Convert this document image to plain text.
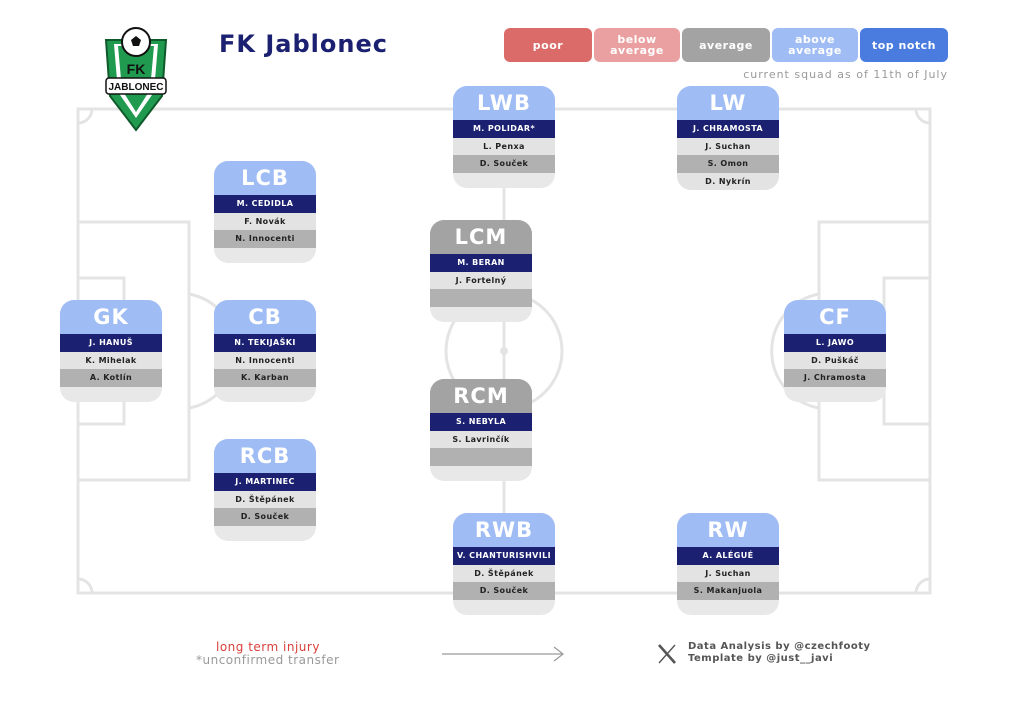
FK
JABLONEC
FK Jablonec	poor	below average	average	above average	top notch
current squad as of 11th of July
GK
J. HANUŠ
K. Mihelak
A. Kotlín
LCB
M. CEDIDLA
F. Novák
N. Innocenti
CB
N. TEKIJAŠKI
N. Innocenti
K. Karban
RCB
J. MARTINEC
D. Štěpánek
D. Souček
LWB
M. POLIDAR*
L. Penxa
D. Souček
LCM
M. BERAN
J. Fortelný
RCM
S. NEBYLA
S. Lavrinčík
RWB
V. CHANTURISHVILI
D. Štěpánek
D. Souček
LW
J. CHRAMOSTA
J. Suchan
S. Omon
D. Nykrín
RW
A. ALÉGUÉ
J. Suchan
S. Makanjuola
CF
L. JAWO
D. Puškáč
J. Chramosta
long term injury
*unconfirmed transfer
Data Analysis by @czechfooty
Template by @just__javi
